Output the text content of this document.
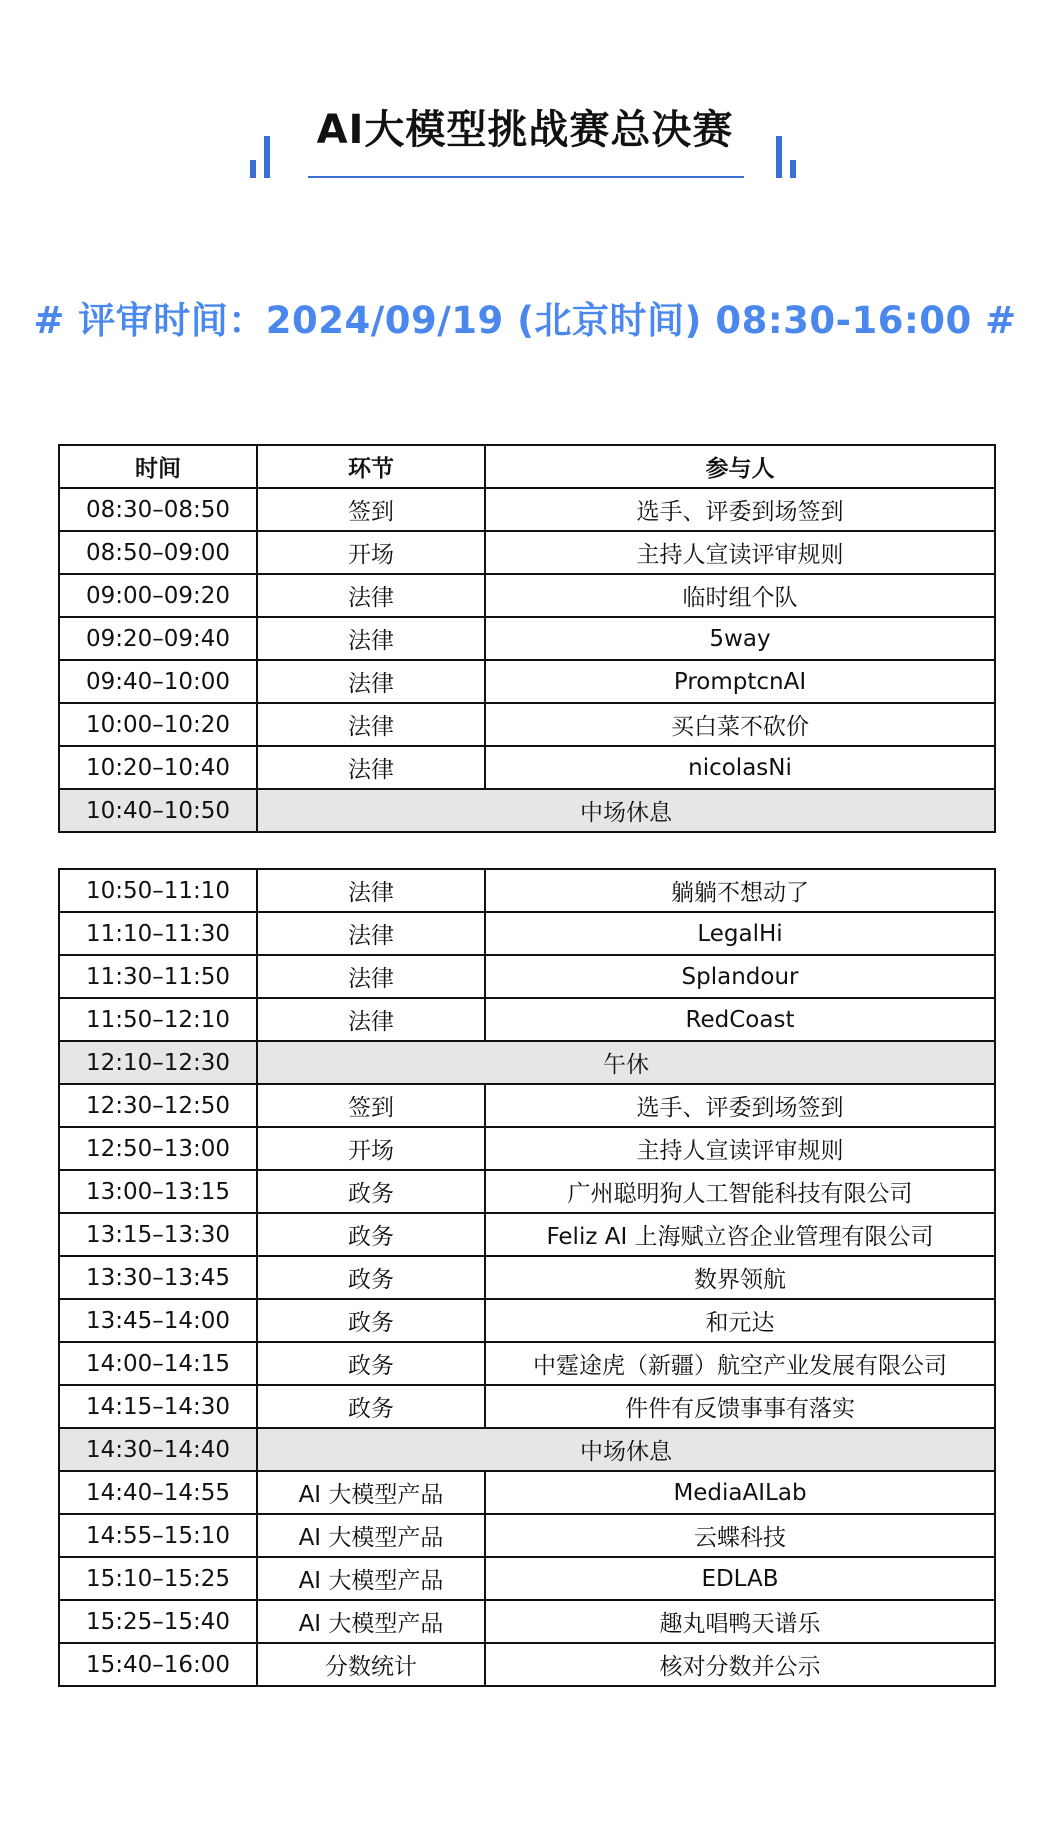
AI大模型挑战赛总决赛
# 评审时间：2024/09/19 (北京时间) 08:30-16:00 #
时间	环节	参与人
08:30–08:50	签到	选手、评委到场签到
08:50–09:00	开场	主持人宣读评审规则
09:00–09:20	法律	临时组个队
09:20–09:40	法律	5way
09:40–10:00	法律	PromptcnAI
10:00–10:20	法律	买白菜不砍价
10:20–10:40	法律	nicolasNi
10:40–10:50	中场休息	
10:50–11:10	法律	躺躺不想动了
11:10–11:30	法律	LegalHi
11:30–11:50	法律	Splandour
11:50–12:10	法律	RedCoast
12:10–12:30	午休	
12:30–12:50	签到	选手、评委到场签到
12:50–13:00	开场	主持人宣读评审规则
13:00–13:15	政务	广州聪明狗人工智能科技有限公司
13:15–13:30	政务	Feliz AI 上海赋立咨企业管理有限公司
13:30–13:45	政务	数界领航
13:45–14:00	政务	和元达
14:00–14:15	政务	中霆途虎（新疆）航空产业发展有限公司
14:15–14:30	政务	件件有反馈事事有落实
14:30–14:40	中场休息	
14:40–14:55	AI 大模型产品	MediaAILab
14:55–15:10	AI 大模型产品	云蝶科技
15:10–15:25	AI 大模型产品	EDLAB
15:25–15:40	AI 大模型产品	趣丸唱鸭天谱乐
15:40–16:00	分数统计	核对分数并公示
